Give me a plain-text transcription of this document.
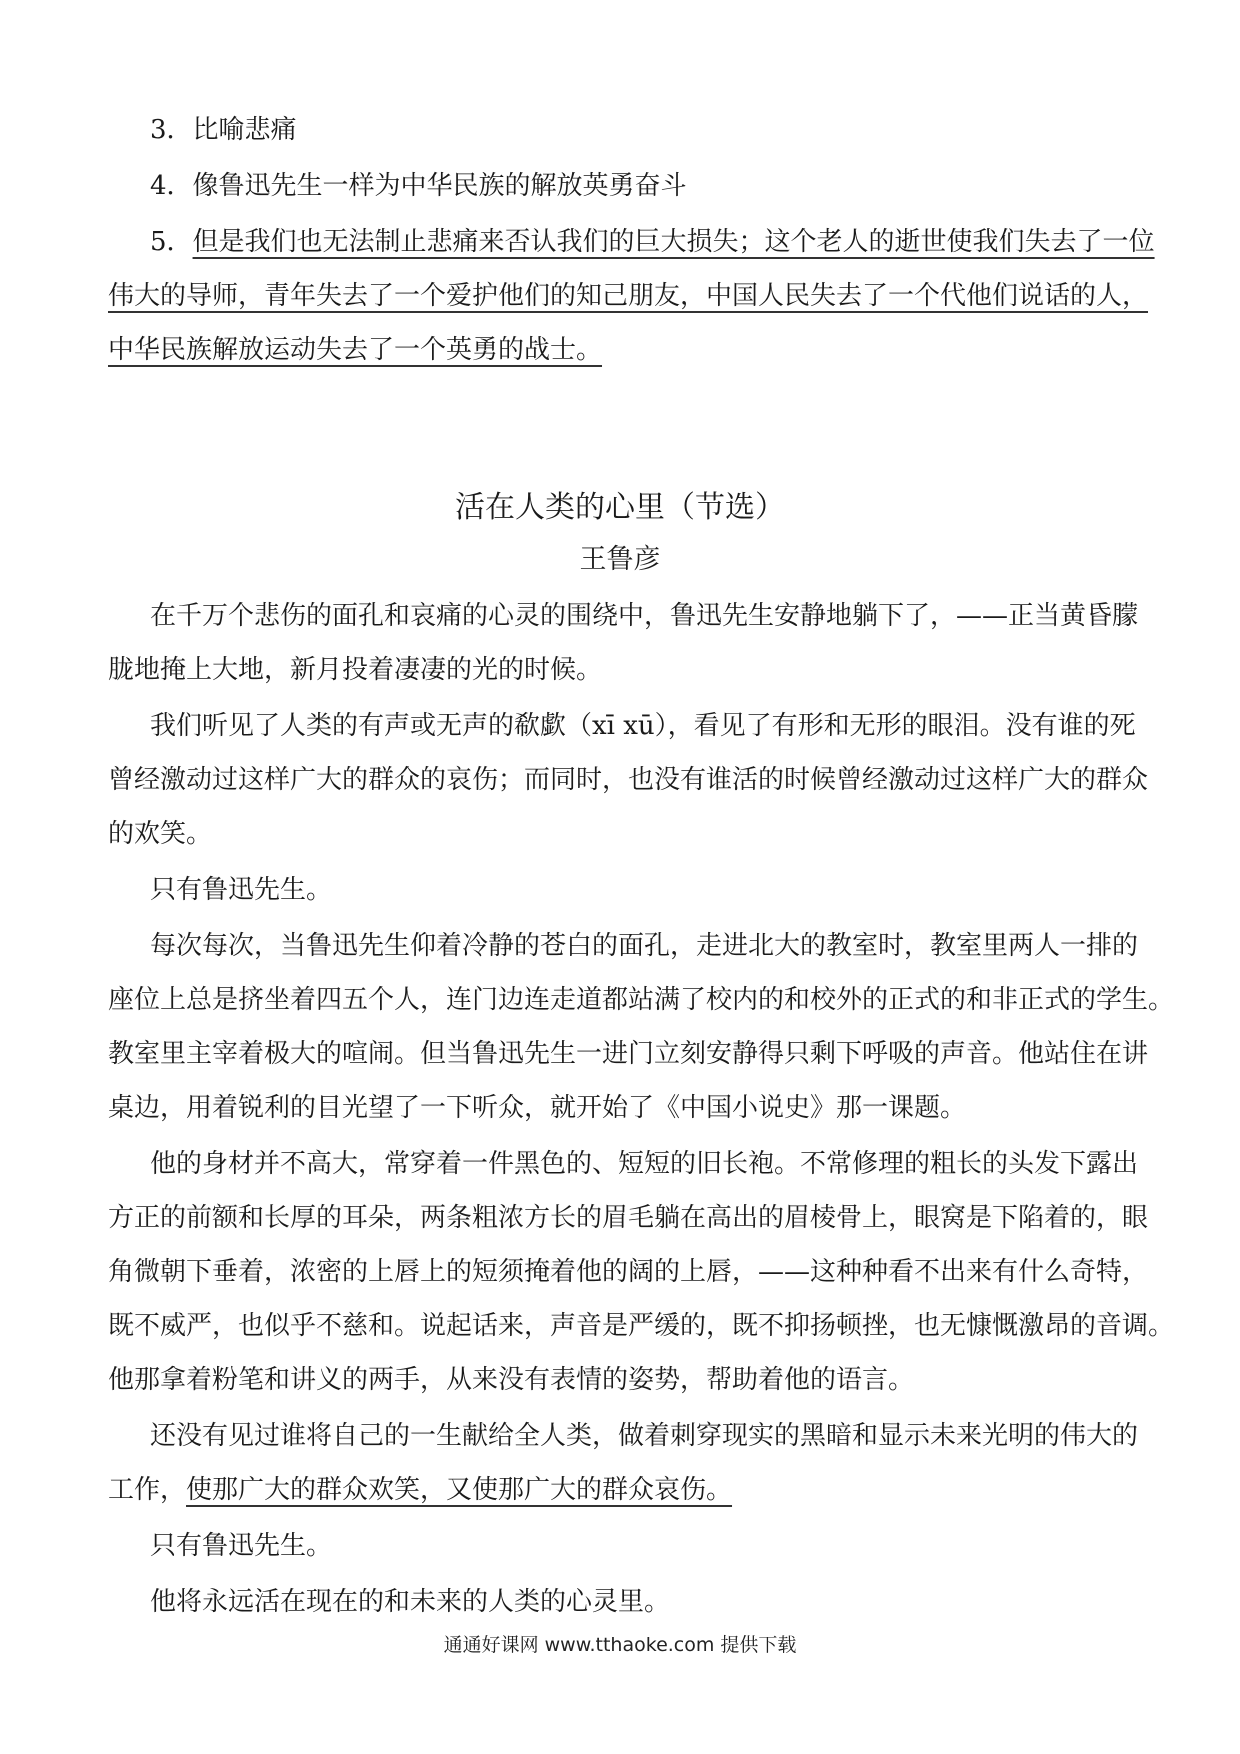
3．比喻悲痛
4．像鲁迅先生一样为中华民族的解放英勇奋斗
5．但是我们也无法制止悲痛来否认我们的巨大损失；这个老人的逝世使我们失去了一位
伟大的导师，青年失去了一个爱护他们的知己朋友，中国人民失去了一个代他们说话的人，
中华民族解放运动失去了一个英勇的战士。
活在人类的心里（节选）
王鲁彦
在千万个悲伤的面孔和哀痛的心灵的围绕中，鲁迅先生安静地躺下了，——正当黄昏朦
胧地掩上大地，新月投着凄凄的光的时候。
我们听见了人类的有声或无声的欷歔（xī xū），看见了有形和无形的眼泪。没有谁的死
曾经激动过这样广大的群众的哀伤；而同时，也没有谁活的时候曾经激动过这样广大的群众
的欢笑。
只有鲁迅先生。
每次每次，当鲁迅先生仰着冷静的苍白的面孔，走进北大的教室时，教室里两人一排的
座位上总是挤坐着四五个人，连门边连走道都站满了校内的和校外的正式的和非正式的学生。
教室里主宰着极大的喧闹。但当鲁迅先生一进门立刻安静得只剩下呼吸的声音。他站住在讲
桌边，用着锐利的目光望了一下听众，就开始了《中国小说史》那一课题。
他的身材并不高大，常穿着一件黑色的、短短的旧长袍。不常修理的粗长的头发下露出
方正的前额和长厚的耳朵，两条粗浓方长的眉毛躺在高出的眉棱骨上，眼窝是下陷着的，眼
角微朝下垂着，浓密的上唇上的短须掩着他的阔的上唇，——这种种看不出来有什么奇特，
既不威严，也似乎不慈和。说起话来，声音是严缓的，既不抑扬顿挫，也无慷慨激昂的音调。
他那拿着粉笔和讲义的两手，从来没有表情的姿势，帮助着他的语言。
还没有见过谁将自己的一生献给全人类，做着刺穿现实的黑暗和显示未来光明的伟大的
工作，使那广大的群众欢笑，又使那广大的群众哀伤。
只有鲁迅先生。
他将永远活在现在的和未来的人类的心灵里。
通通好课网 www.tthaoke.com 提供下载
